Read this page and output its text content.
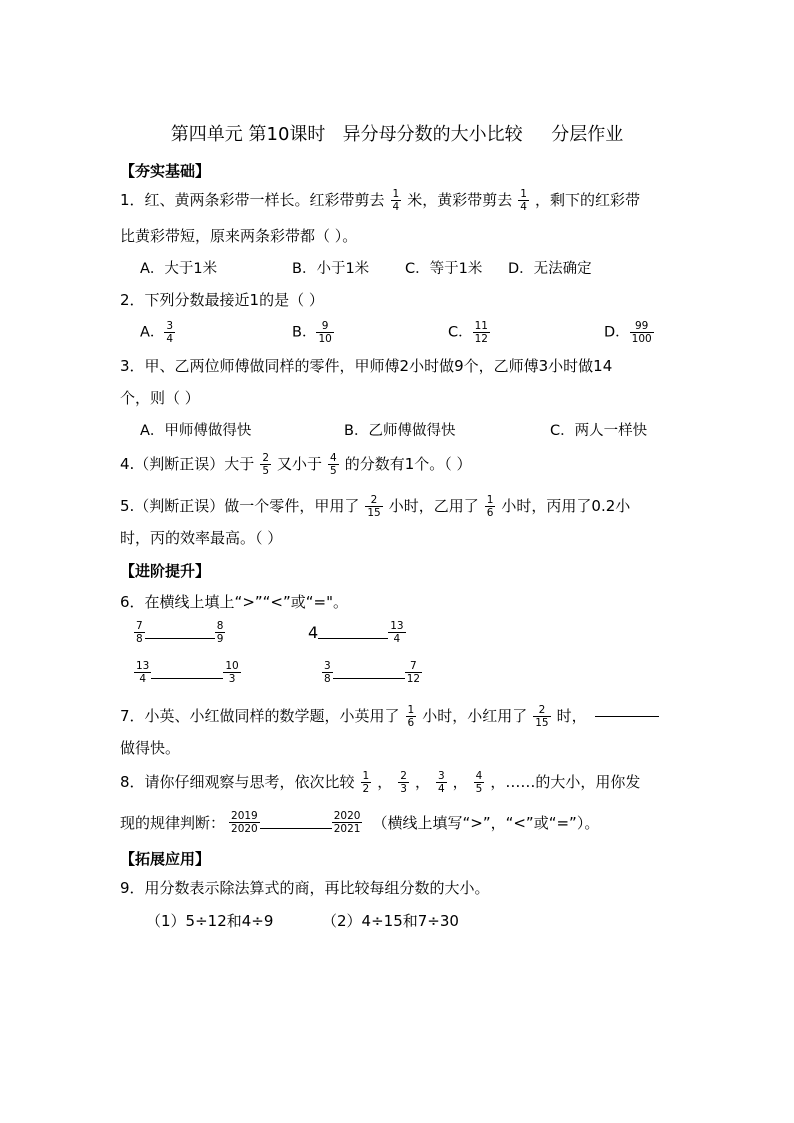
第四单元 第10课时   异分母分数的大小比较     分层作业
【夯实基础】
1．红、黄两条彩带一样长。红彩带剪去 $\frac{1}{4}$ 米，黄彩带剪去 $\frac{1}{4}$ ，剩下的红彩带
比黄彩带短，原来两条彩带都（ ）。
A．大于1米	B．小于1米 C．等于1米 D．无法确定
2．下列分数最接近1的是（ ）
A． $\frac{3}{4}$	B． $\frac{9}{10}$	C． $\frac{11}{12}$	D． $\frac{99}{100}$
3．甲、乙两位师傅做同样的零件，甲师傅2小时做9个，乙师傅3小时做14
个，则（ ）
A．甲师傅做得快	B．乙师傅做得快	C．两人一样快
4.（判断正误）大于 $\frac{2}{5}$ 又小于 $\frac{4}{5}$ 的分数有1个。（ ）
5.（判断正误）做一个零件，甲用了 $\frac{2}{15}$ 小时，乙用了 $\frac{1}{6}$ 小时，丙用了0.2小
时，丙的效率最高。（ ）
【进阶提升】
6．在横线上填上“>”“<”或“="。
$\frac{7}{8}$	$\frac{8}{9}$	4	$\frac{13}{4}$
$\frac{13}{4}$	$\frac{10}{3}$	$\frac{3}{8}$	$\frac{7}{12}$
7．小英、小红做同样的数学题，小英用了 $\frac{1}{6}$ 小时，小红用了 $\frac{2}{15}$ 时，
做得快。
8．请你仔细观察与思考，依次比较 $\frac{1}{2}$ ， $\frac{2}{3}$ ， $\frac{3}{4}$ ， $\frac{4}{5}$ ，……的大小，用你发
现的规律判断： $\frac{2019}{2020}$	$\frac{2020}{2021}$ （横线上填写“>”，“<”或“=”）。
【拓展应用】
9．用分数表示除法算式的商，再比较每组分数的大小。
（1）5÷12和4÷9	（2）4÷15和7÷30
